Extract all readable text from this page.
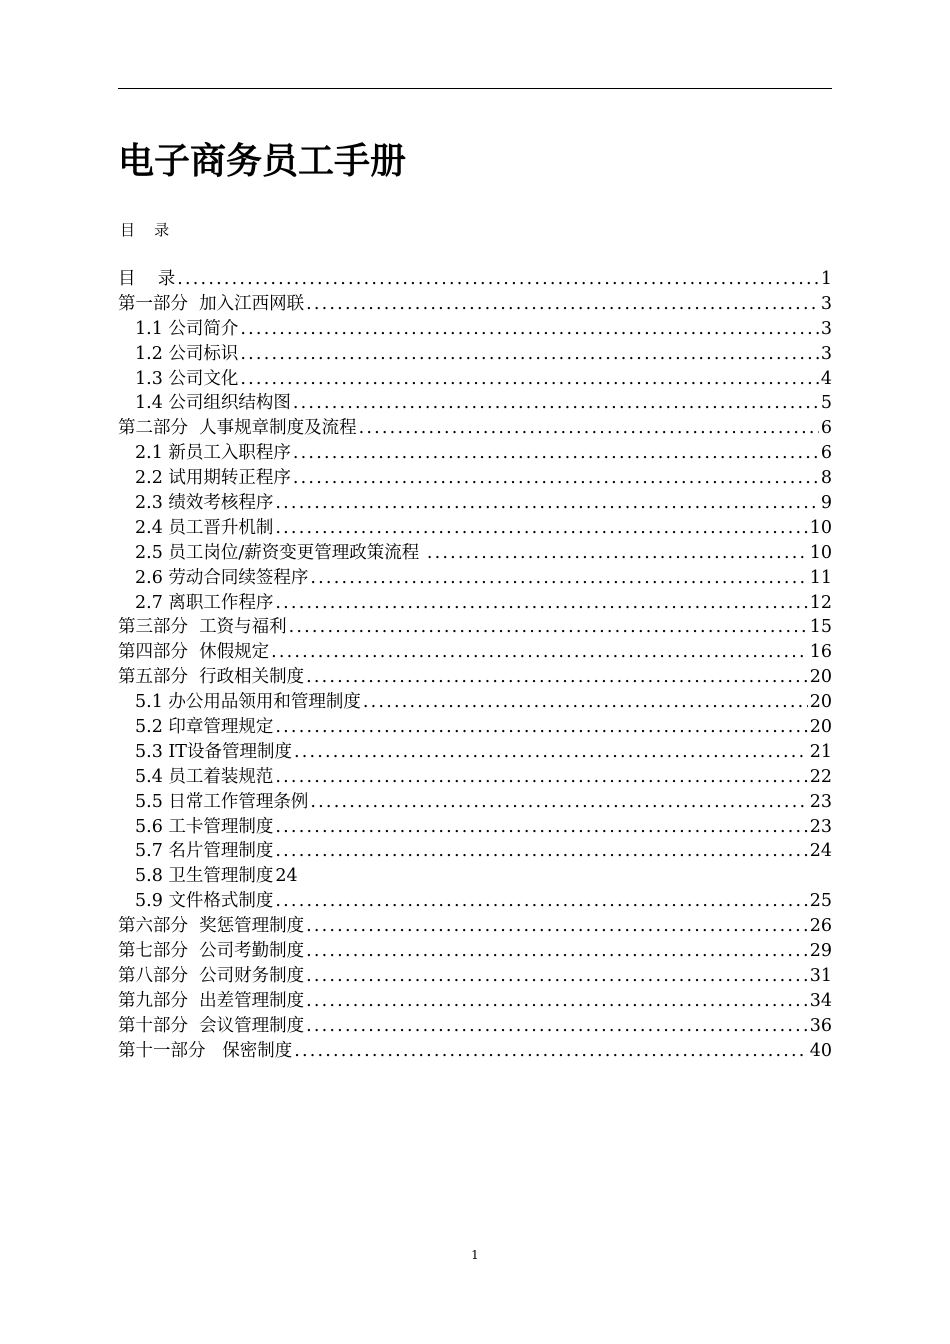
电子商务员工手册
目    录
目    录 .....	1
第一部分  加入江西网联 .....	3
1.1 公司简介 .....	3
1.2 公司标识 .....	3
1.3 公司文化 .....	4
1.4 公司组织结构图 .....	5
第二部分  人事规章制度及流程 .....	6
2.1 新员工入职程序 .....	6
2.2 试用期转正程序 .....	8
2.3 绩效考核程序 .....	9
2.4 员工晋升机制 .....	10
2.5 员工岗位/薪资变更管理政策流程 .....	10
2.6 劳动合同续签程序 .....	11
2.7 离职工作程序 .....	12
第三部分  工资与福利 .....	15
第四部分  休假规定 .....	16
第五部分  行政相关制度 .....	20
5.1 办公用品领用和管理制度 .....	20
5.2 印章管理规定 .....	20
5.3 IT设备管理制度 .....	21
5.4 员工着装规范 .....	22
5.5 日常工作管理条例 .....	23
5.6 工卡管理制度 .....	23
5.7 名片管理制度 .....	24
5.8 卫生管理制度 24
5.9 文件格式制度 .....	25
第六部分  奖惩管理制度 .....	26
第七部分  公司考勤制度 .....	29
第八部分  公司财务制度 .....	31
第九部分  出差管理制度 .....	34
第十部分  会议管理制度 .....	36
第十一部分   保密制度 .....	40
1
